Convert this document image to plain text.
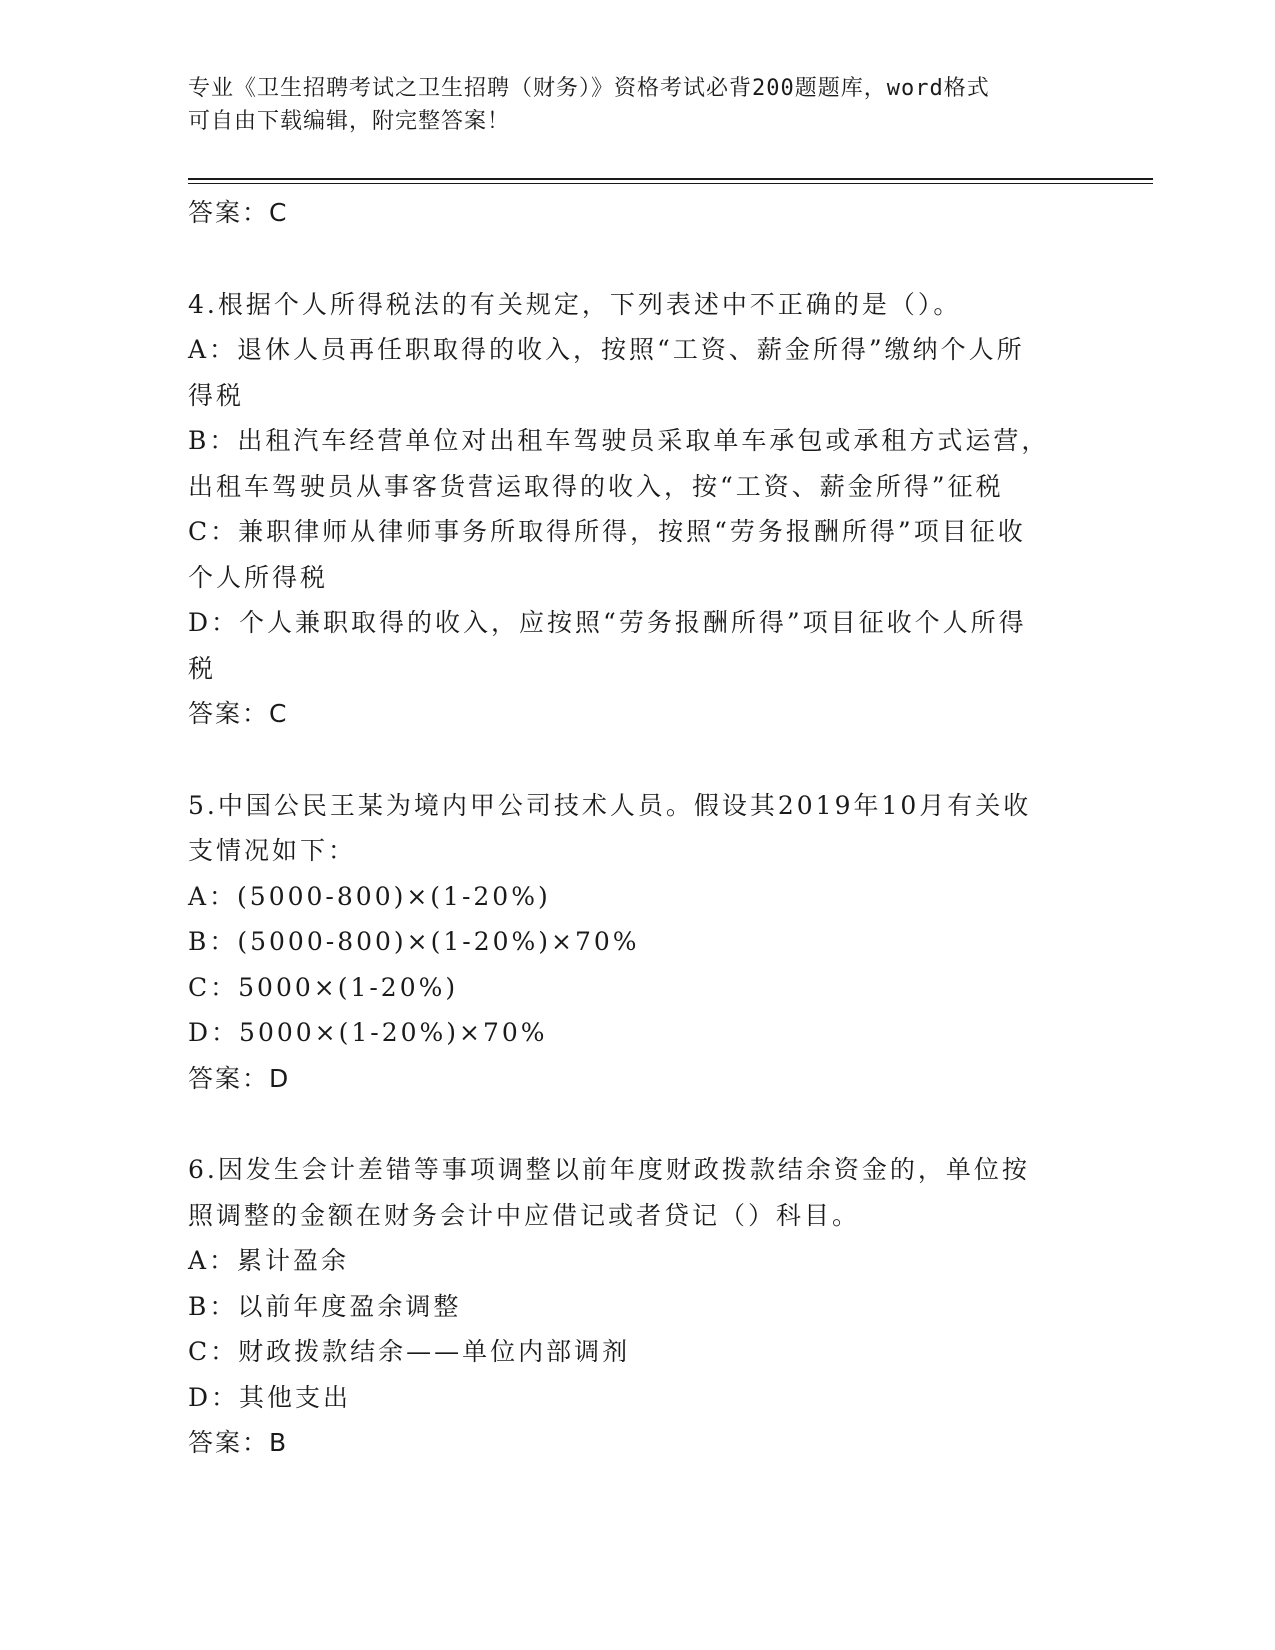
专业《卫生招聘考试之卫生招聘（财务）》资格考试必背200题题库，word格式
可自由下载编辑，附完整答案！
答案：C
4.根据个人所得税法的有关规定，下列表述中不正确的是（）。
A：退休人员再任职取得的收入，按照“工资、薪金所得”缴纳个人所
得税
B：出租汽车经营单位对出租车驾驶员采取单车承包或承租方式运营，
出租车驾驶员从事客货营运取得的收入，按“工资、薪金所得”征税
C：兼职律师从律师事务所取得所得，按照“劳务报酬所得”项目征收
个人所得税
D：个人兼职取得的收入，应按照“劳务报酬所得”项目征收个人所得
税
答案：C
5.中国公民王某为境内甲公司技术人员。假设其2019年10月有关收
支情况如下：
A：(5000-800)×(1-20%)
B：(5000-800)×(1-20%)×70%
C：5000×(1-20%)
D：5000×(1-20%)×70%
答案：D
6.因发生会计差错等事项调整以前年度财政拨款结余资金的，单位按
照调整的金额在财务会计中应借记或者贷记（）科目。
A：累计盈余
B：以前年度盈余调整
C：财政拨款结余——单位内部调剂
D：其他支出
答案：B
